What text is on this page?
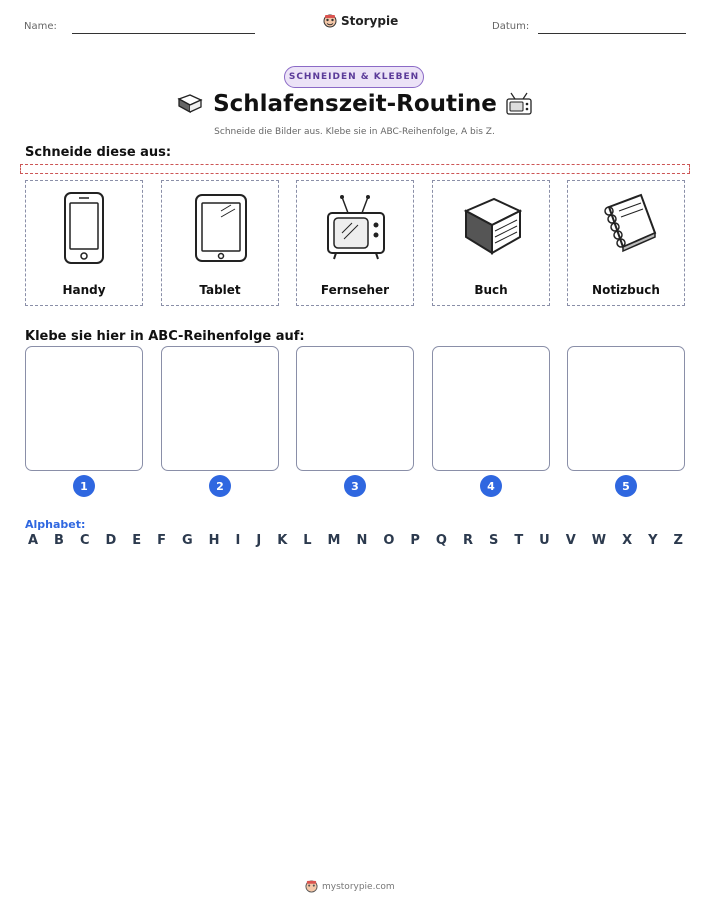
Name:	Storypie	Datum:
SCHNEIDEN & KLEBEN
Schlafenszeit-Routine
Schneide die Bilder aus. Klebe sie in ABC-Reihenfolge, A bis Z.
Schneide diese aus:
Handy	Tablet	Fernseher	Buch	Notizbuch
Klebe sie hier in ABC-Reihenfolge auf:
1	2	3	4	5
Alphabet:
A B C D E F G H I J K L M N O P Q R S T U V W X Y Z
mystorypie.com
